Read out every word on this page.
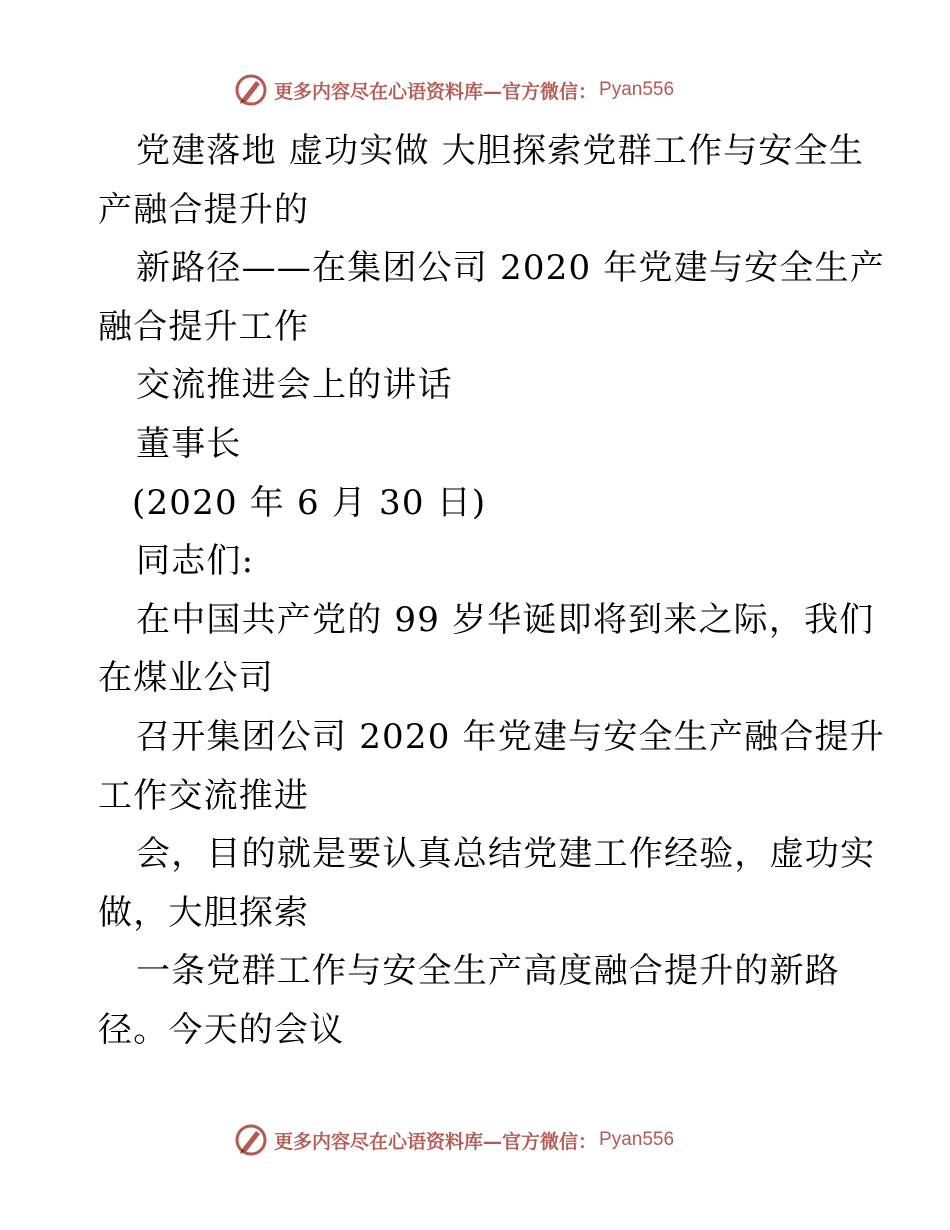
更多内容尽在心语资料库—官方微信： Pyan556
党建落地 虚功实做 大胆探索党群工作与安全生
产融合提升的
新路径——在集团公司 2020 年党建与安全生产
融合提升工作
交流推进会上的讲话
董事长
(2020 年 6 月 30 日)
同志们:
在中国共产党的 99 岁华诞即将到来之际，我们
在煤业公司
召开集团公司 2020 年党建与安全生产融合提升
工作交流推进
会，目的就是要认真总结党建工作经验，虚功实
做，大胆探索
一条党群工作与安全生产高度融合提升的新路
径。今天的会议
更多内容尽在心语资料库—官方微信： Pyan556
